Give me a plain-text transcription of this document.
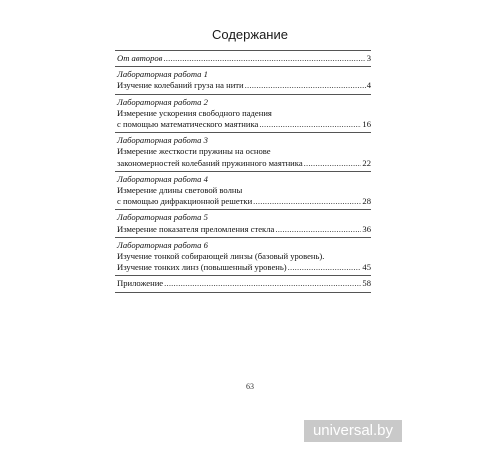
Содержание
От авторов .....	3
Лабораторная работа 1
Изучение колебаний груза на нити .....	4
Лабораторная работа 2
Измерение ускорения свободного падения
с помощью математического маятника .....	16
Лабораторная работа 3
Измерение жесткости пружины на основе
закономерностей колебаний пружинного маятника .....	22
Лабораторная работа 4
Измерение длины световой волны
с помощью дифракционной решетки .....	28
Лабораторная работа 5
Измерение показателя преломления стекла .....	36
Лабораторная работа 6
Изучение тонкой собирающей линзы (базовый уровень).
Изучение тонких линз (повышенный уровень) .....	45
Приложение .....	58
63
universal.by
